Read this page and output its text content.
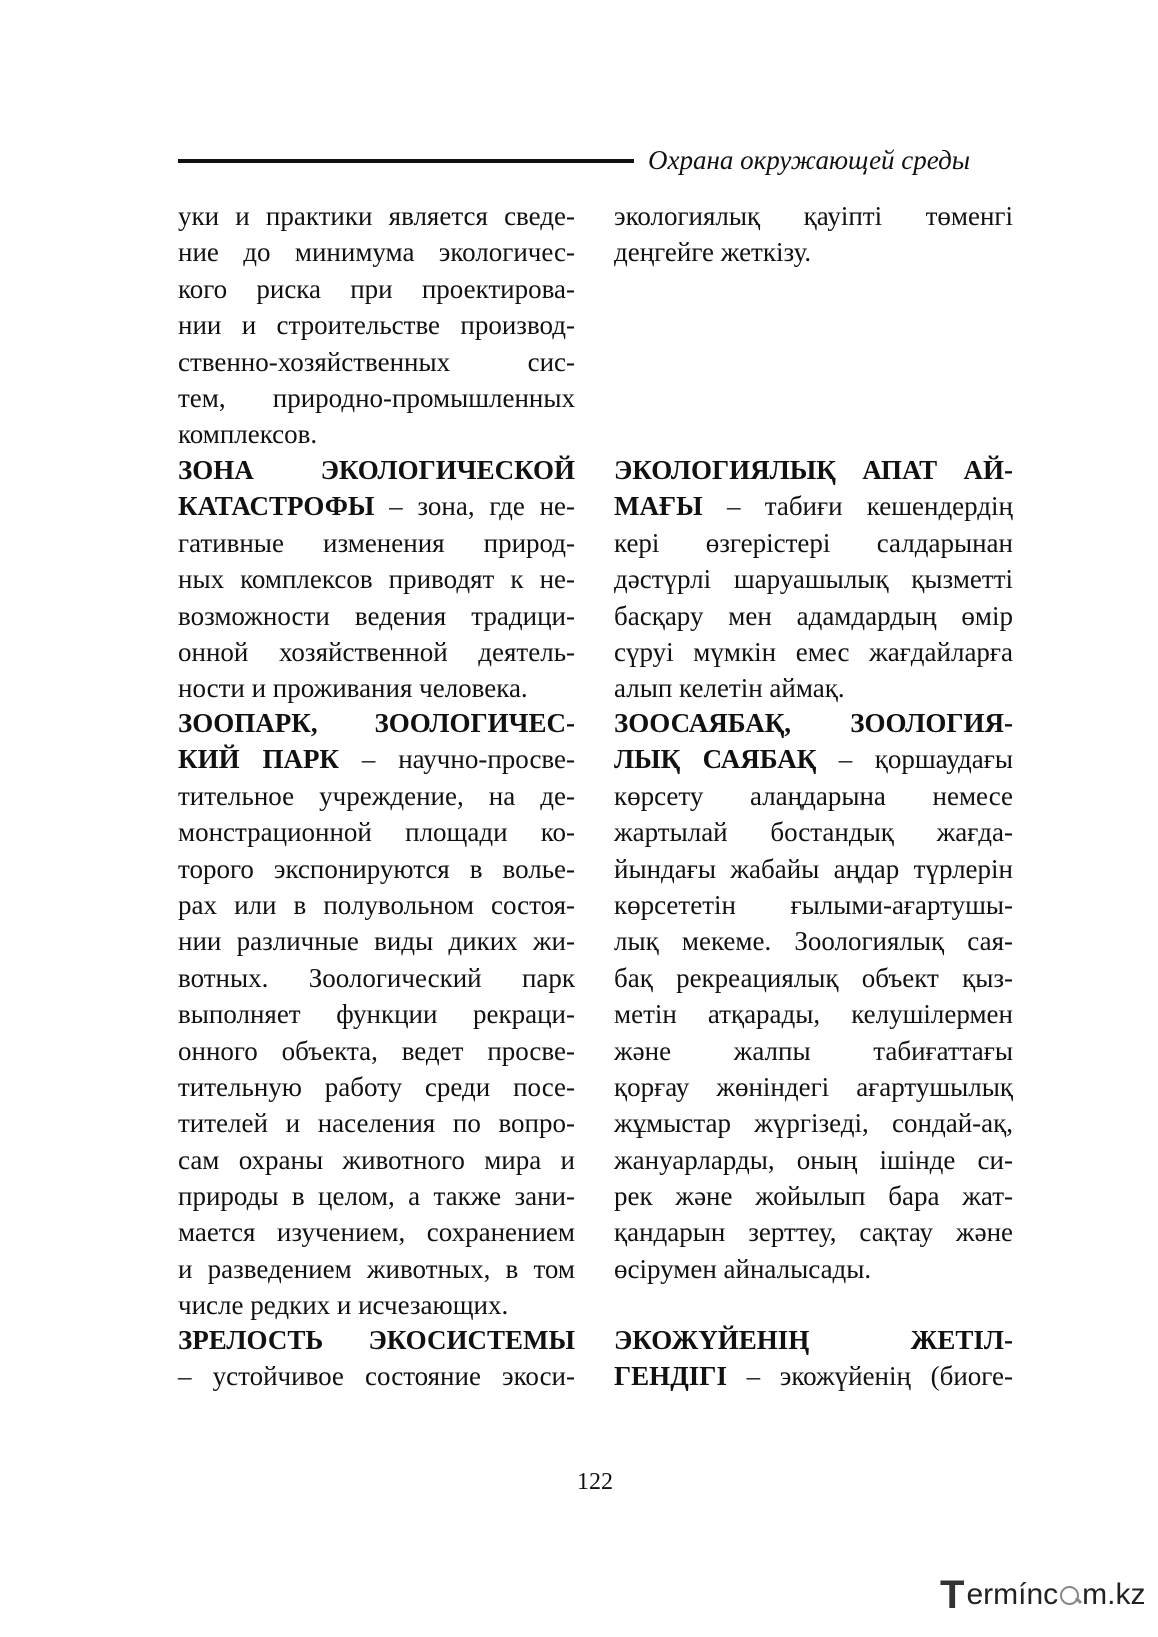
Охрана окружающей среды
уки и практики является сведе-
ние до минимума экологичес-
кого риска при проектирова-
нии и строительстве производ-
ственно-хозяйственных сис-
тем, природно-промышленных
комплексов.
ЗОНА ЭКОЛОГИЧЕСКОЙ
КАТАСТРОФЫ – зона, где не-
гативные изменения природ-
ных комплексов приводят к не-
возможности ведения традици-
онной хозяйственной деятель-
ности и проживания человека.
ЗООПАРК, ЗООЛОГИЧЕС-
КИЙ ПАРК – научно-просве-
тительное учреждение, на де-
монстрационной площади ко-
торого экспонируются в волье-
рах или в полувольном состоя-
нии различные виды диких жи-
вотных. Зоологический парк
выполняет функции рекраци-
онного объекта, ведет просве-
тительную работу среди посе-
тителей и населения по вопро-
сам охраны животного мира и
природы в целом, а также зани-
мается изучением, сохранением
и разведением животных, в том
числе редких и исчезающих.
ЗРЕЛОСТЬ ЭКОСИСТЕМЫ
– устойчивое состояние экоси-
экологиялық қауіпті төменгі
деңгейге жеткізу.
ЭКОЛОГИЯЛЫҚ АПАТ АЙ-
МАҒЫ – табиғи кешендердің
кері өзгерістері салдарынан
дәстүрлі шаруашылық қызметті
басқару мен адамдардың өмір
сүруі мүмкін емес жағдайларға
алып келетін аймақ.
ЗООСАЯБАҚ, ЗООЛОГИЯ-
ЛЫҚ САЯБАҚ – қоршаудағы
көрсету алаңдарына немесе
жартылай бостандық жағда-
йындағы жабайы аңдар түрлерін
көрсететін ғылыми-ағартушы-
лық мекеме. Зоологиялық сая-
бақ рекреациялық объект қыз-
метін атқарады, келушілермен
және жалпы табиғаттағы
қорғау жөніндегі ағартушылық
жұмыстар жүргізеді, сондай-ақ,
жануарларды, оның ішінде си-
рек және жойылып бара жат-
қандарын зерттеу, сақтау және
өсірумен айналысады.
ЭКОЖҮЙЕНІҢ ЖЕТІЛ-
ГЕНДІГІ – экожүйенің (биоге-
122
T ermínc m.kz
